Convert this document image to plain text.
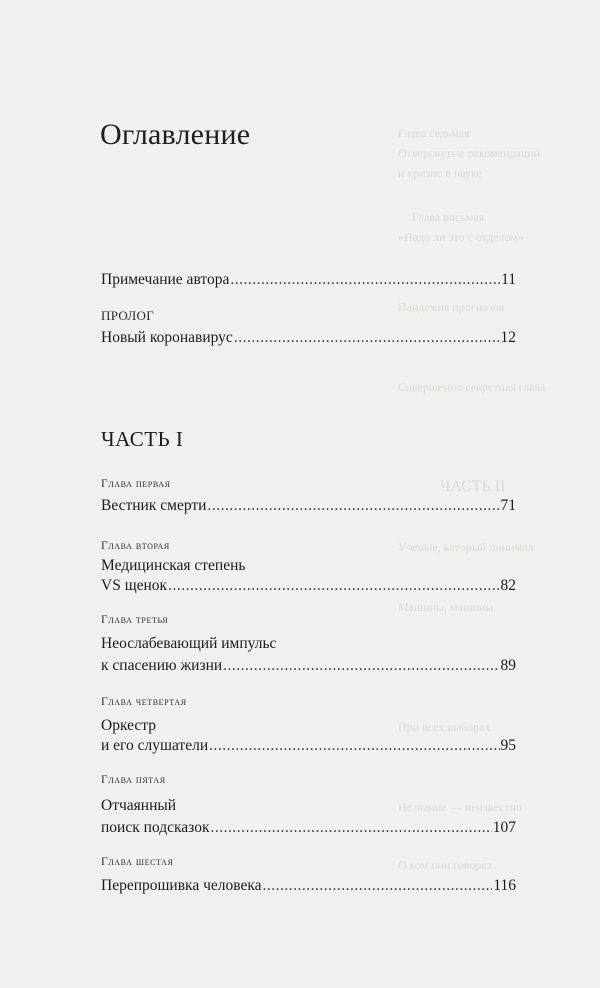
Глава седьмая
Отвергнутые рекомендации
и кризис в науке
Глава восьмая
«Надо ли это с отделом»
Пандемия прогнозов
Совершенно секретная глава
ЧАСТЬ II
Ученые, который понимал
Машины, машины
При всех выборах
Незнание — неизвестно
О ком они говорят
Оглавление
Примечание автора .....	11
ПРОЛОГ
Новый коронавирус .....	12
ЧАСТЬ I
Глава первая
Вестник смерти .....	71
Глава вторая
Медицинская степень
VS щенок .....	82
Глава третья
Неослабевающий импульс
к спасению жизни .....	89
Глава четвертая
Оркестр
и его слушатели .....	95
Глава пятая
Отчаянный
поиск подсказок .....	107
Глава шестая
Перепрошивка человека .....	116
